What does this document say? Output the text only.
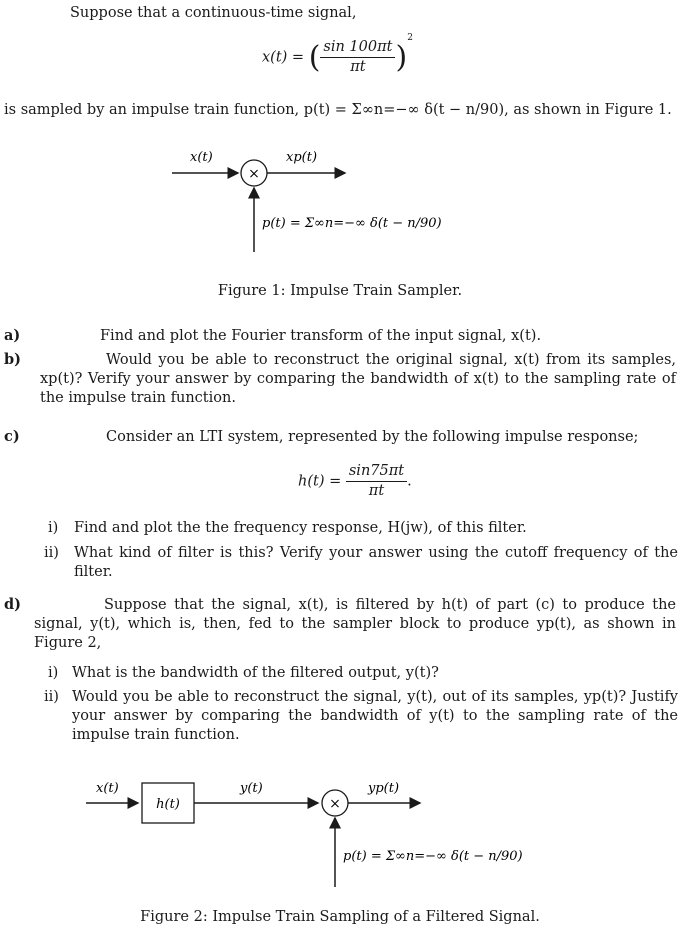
Suppose that a continuous-time signal,
x(t) = ( $\frac{\sin 100\pi t}{\pi t} )^2$
is sampled by an impulse train function, p(t) = Σ∞n=−∞ δ(t − n/90), as shown in Figure 1.
×
x(t)	xp(t)
p(t) = Σ∞n=−∞ δ(t − n/90)
Figure 1: Impulse Train Sampler.
a)	Find and plot the Fourier transform of the input signal, x(t).
b)	Would you be able to reconstruct the original signal, x(t) from its samples, xp(t)? Verify your answer by comparing the bandwidth of x(t) to the sampling rate of the impulse train function.
c)	Consider an LTI system, represented by the following impulse response;
$h(t) = \frac{\sin 75\pi t}{\pi t}$ .
i) Find and plot the the frequency response, H(jw), of this filter.
ii) What kind of filter is this? Verify your answer using the cutoff frequency of the filter.
d)	Suppose that the signal, x(t), is filtered by h(t) of part (c) to produce the signal, y(t), which is, then, fed to the sampler block to produce yp(t), as shown in Figure 2,
i) What is the bandwidth of the filtered output, y(t)?
ii) Would you be able to reconstruct the signal, y(t), out of its samples, yp(t)? Justify your answer by comparing the bandwidth of y(t) to the sampling rate of the impulse train function.
h(t)	×
x(t)	y(t)	yp(t)
p(t) = Σ∞n=−∞ δ(t − n/90)
Figure 2: Impulse Train Sampling of a Filtered Signal.
